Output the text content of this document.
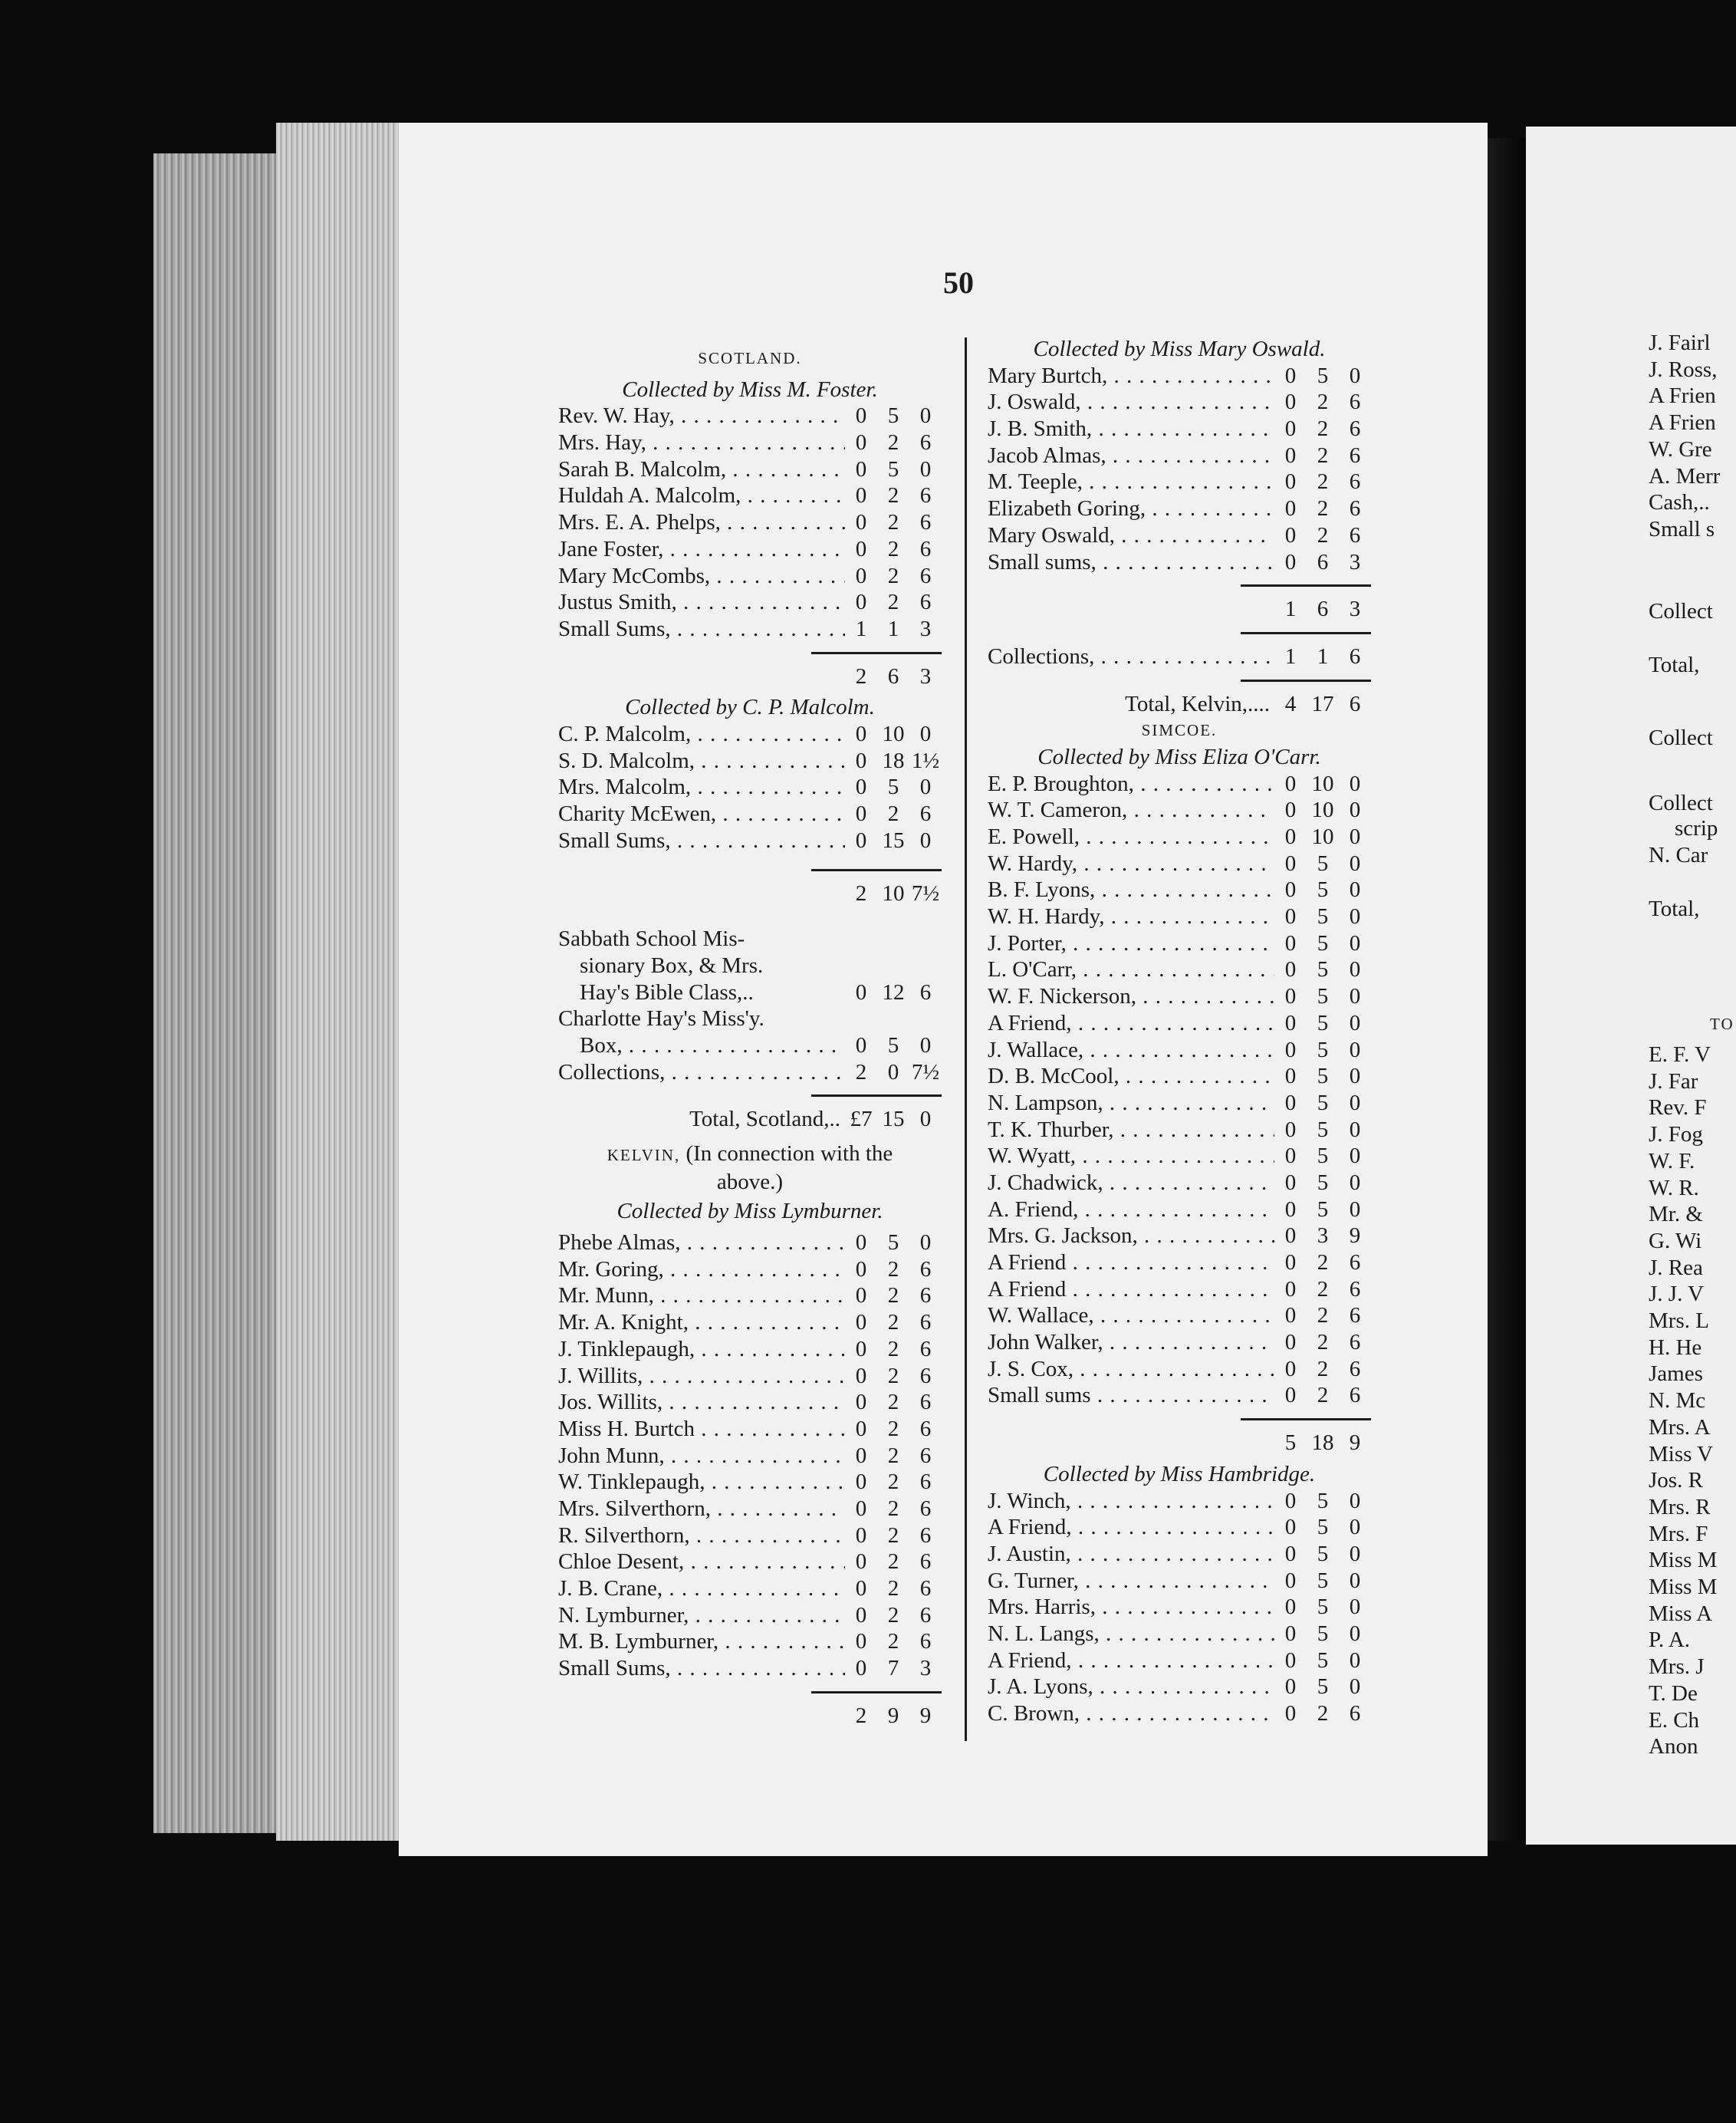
50
SCOTLAND.
Collected by Miss M. Foster.
Rev. W. Hay, . . .	0 5 0
Mrs. Hay, . . .	0 2 6
Sarah B. Malcolm, . . .	0 5 0
Huldah A. Malcolm, . . .	0 2 6
Mrs. E. A. Phelps, . . .	0 2 6
Jane Foster, . . .	0 2 6
Mary McCombs, . . .	0 2 6
Justus Smith, . . .	0 2 6
Small Sums, . . .	1 1 3
2 6 3
Collected by C. P. Malcolm.
C. P. Malcolm, . . .	0 10 0
S. D. Malcolm, . . .	0 18 1½
Mrs. Malcolm, . . .	0 5 0
Charity McEwen, . . .	0 2 6
Small Sums, . . .	0 15 0
2 10 7½
Sabbath School Mis-
sionary Box, & Mrs.
Hay's Bible Class,..	0 12 6
Charlotte Hay's Miss'y.
Box, . . .	0 5 0
Collections, . . .	2 0 7½
Total, Scotland,.. £7 15 0
KELVIN, (In connection with the
above.)
Collected by Miss Lymburner.
Phebe Almas, . . .	0 5 0
Mr. Goring, . . .	0 2 6
Mr. Munn, . . .	0 2 6
Mr. A. Knight, . . .	0 2 6
J. Tinklepaugh, . . .	0 2 6
J. Willits, . . .	0 2 6
Jos. Willits, . . .	0 2 6
Miss H. Burtch . . .	0 2 6
John Munn, . . .	0 2 6
W. Tinklepaugh, . . .	0 2 6
Mrs. Silverthorn, . . .	0 2 6
R. Silverthorn, . . .	0 2 6
Chloe Desent, . . .	0 2 6
J. B. Crane, . . .	0 2 6
N. Lymburner, . . .	0 2 6
M. B. Lymburner, . . .	0 2 6
Small Sums, . . .	0 7 3
2 9 9
Collected by Miss Mary Oswald.
Mary Burtch, . . .	0 5 0
J. Oswald, . . .	0 2 6
J. B. Smith, . . .	0 2 6
Jacob Almas, . . .	0 2 6
M. Teeple, . . .	0 2 6
Elizabeth Goring, . . .	0 2 6
Mary Oswald, . . .	0 2 6
Small sums, . . .	0 6 3
1 6 3
Collections, . . .	1 1 6
Total, Kelvin,.... 4 17 6
SIMCOE.
Collected by Miss Eliza O'Carr.
E. P. Broughton, . . .	0 10 0
W. T. Cameron, . . .	0 10 0
E. Powell, . . .	0 10 0
W. Hardy, . . .	0 5 0
B. F. Lyons, . . .	0 5 0
W. H. Hardy, . . .	0 5 0
J. Porter, . . .	0 5 0
L. O'Carr, . . .	0 5 0
W. F. Nickerson, . . .	0 5 0
A Friend, . . .	0 5 0
J. Wallace, . . .	0 5 0
D. B. McCool, . . .	0 5 0
N. Lampson, . . .	0 5 0
T. K. Thurber, . . .	0 5 0
W. Wyatt, . . .	0 5 0
J. Chadwick, . . .	0 5 0
A. Friend, . . .	0 5 0
Mrs. G. Jackson, . . .	0 3 9
A Friend . . .	0 2 6
A Friend . . .	0 2 6
W. Wallace, . . .	0 2 6
John Walker, . . .	0 2 6
J. S. Cox, . . .	0 2 6
Small sums . . .	0 2 6
5 18 9
Collected by Miss Hambridge.
J. Winch, . . .	0 5 0
A Friend, . . .	0 5 0
J. Austin, . . .	0 5 0
G. Turner, . . .	0 5 0
Mrs. Harris, . . .	0 5 0
N. L. Langs, . . .	0 5 0
A Friend, . . .	0 5 0
J. A. Lyons, . . .	0 5 0
C. Brown, . . .	0 2 6
J. Fairl
J. Ross,
A Frien
A Frien
W. Gre
A. Merr
Cash,..
Small s
Collect
Total,
Collect
Collect
scrip
N. Car
Total,
TO
E. F. V
J. Far
Rev. F
J. Fog
W. F.
W. R.
Mr. &
G. Wi
J. Rea
J. J. V
Mrs. L
H. He
James
N. Mc
Mrs. A
Miss V
Jos. R
Mrs. R
Mrs. F
Miss M
Miss M
Miss A
P. A.
Mrs. J
T. De
E. Ch
Anon
